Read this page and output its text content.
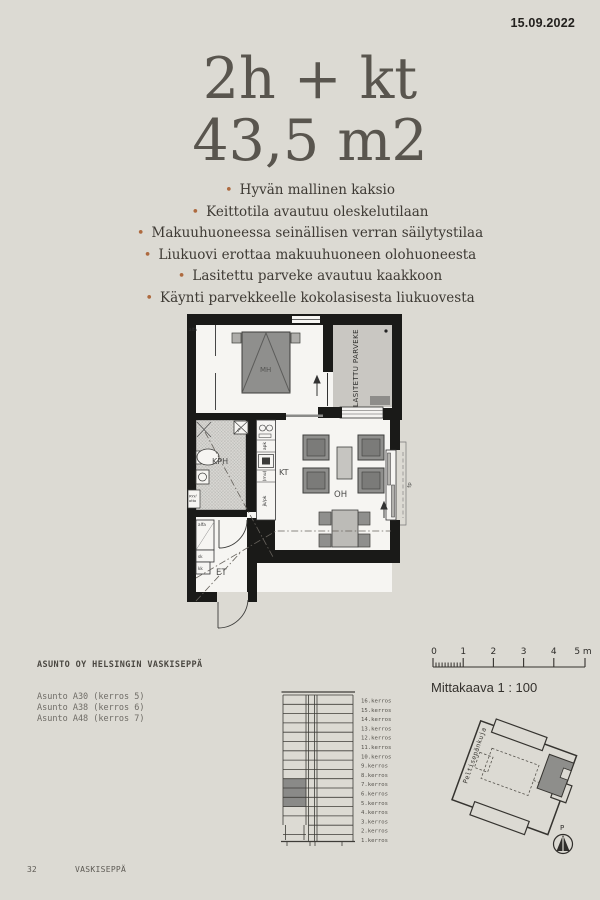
15.09.2022
2h + kt
43,5 m2
• Hyvän mallinen kaksio
• Keittotila avautuu oleskelutilaan
• Makuuhuoneessa seinällisen verran säilytystilaa
• Liukuovi erottaa makuuhuoneen olohuoneesta
• Lasitettu parveke avautuu kaakkoon
• Käynti parvekkeelle kokolasisesta liukuovesta
MH
KPH
KT
OH
ET
LASITETTU PARVEKE
alfa
alfa
sk
kk
pyy/
otto
pk
apk
(mu)
jk/pk
fp
ASUNTO OY HELSINGIN VASKISEPPÄ
Asunto A30 (kerros 5)
Asunto A38 (kerros 6)
Asunto A48 (kerros 7)
16.kerros
15.kerros
14.kerros
13.kerros
12.kerros
11.kerros
10.kerros
9.kerros
8.kerros
7.kerros
6.kerros
5.kerros
4.kerros
3.kerros
2.kerros
1.kerros
0	1	2	3	4 5 m
Mittakaava 1 : 100
Peltisepänkuja
P
32	VASKISEPPÄ
